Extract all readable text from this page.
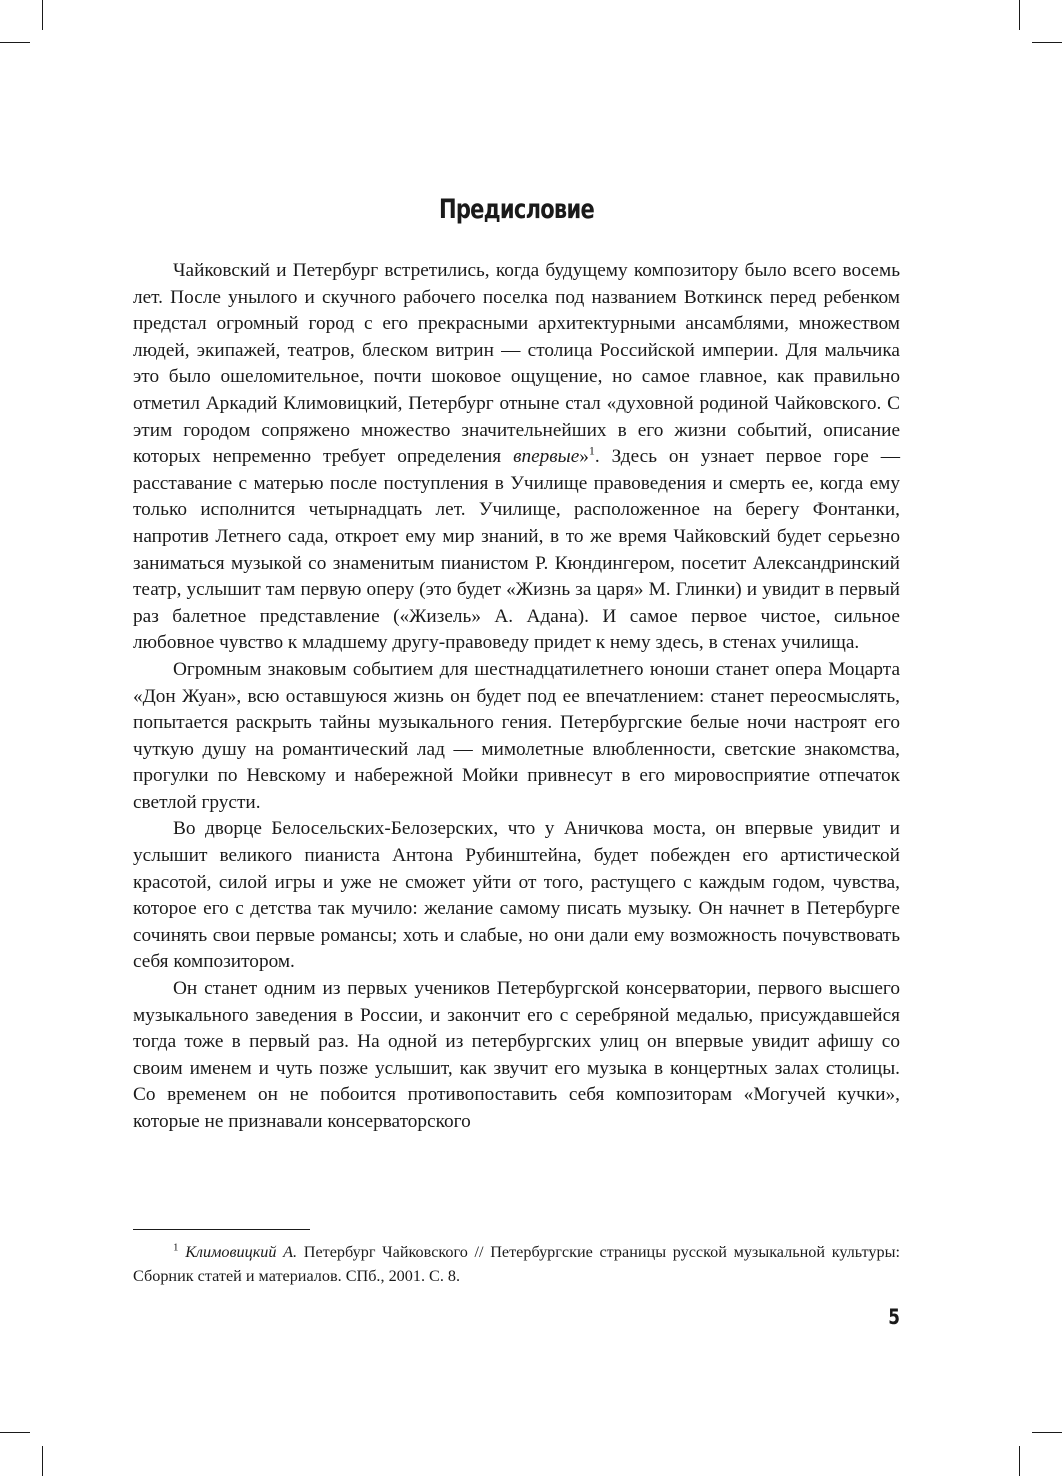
Предисловие

Чайковский и Петербург встретились, когда будущему композитору было всего восемь лет. После унылого и скучного рабочего поселка под названием Воткинск перед ребенком предстал огромный город с его прекрасными архитектурными ансамблями, множеством людей, экипажей, театров, блеском витрин — столица Российской империи. Для мальчика это было ошеломительное, почти шоковое ощущение, но самое главное, как правильно отметил Аркадий Климовицкий, Петербург отныне стал «духовной родиной Чайковского. С этим городом сопряжено множество значительнейших в его жизни событий, описание которых непременно требует определения впервые»$^1$. Здесь он узнает первое горе — расставание с матерью после поступления в Училище правоведения и смерть ее, когда ему только исполнится четырнадцать лет. Училище, расположенное на берегу Фонтанки, напротив Летнего сада, откроет ему мир знаний, в то же время Чайковский будет серьезно заниматься музыкой со знаменитым пианистом Р. Кюндингером, посетит Александринский театр, услышит там первую оперу (это будет «Жизнь за царя» М. Глинки) и увидит в первый раз балетное представление («Жизель» А. Адана). И самое первое чистое, сильное любовное чувство к младшему другу-правоведу придет к нему здесь, в стенах училища.

Огромным знаковым событием для шестнадцатилетнего юноши станет опера Моцарта «Дон Жуан», всю оставшуюся жизнь он будет под ее впечатлением: станет переосмыслять, попытается раскрыть тайны музыкального гения. Петербургские белые ночи настроят его чуткую душу на романтический лад — мимолетные влюбленности, светские знакомства, прогулки по Невскому и набережной Мойки привнесут в его мировосприятие отпечаток светлой грусти.

Во дворце Белосельских-Белозерских, что у Аничкова моста, он впервые увидит и услышит великого пианиста Антона Рубинштейна, будет побежден его артистической красотой, силой игры и уже не сможет уйти от того, растущего с каждым годом, чувства, которое его с детства так мучило: желание самому писать музыку. Он начнет в Петербурге сочинять свои первые романсы; хоть и слабые, но они дали ему возможность почувствовать себя композитором.

Он станет одним из первых учеников Петербургской консерватории, первого высшего музыкального заведения в России, и закончит его с серебряной медалью, присуждавшейся тогда тоже в первый раз. На одной из петербургских улиц он впервые увидит афишу со своим именем и чуть позже услышит, как звучит его музыка в концертных залах столицы. Со временем он не побоится противопоставить себя композиторам «Могучей кучки», которые не признавали консерваторского

$^1$ Климовицкий А. Петербург Чайковского // Петербургские страницы русской музыкальной культуры: Сборник статей и материалов. СПб., 2001. С. 8.

5
